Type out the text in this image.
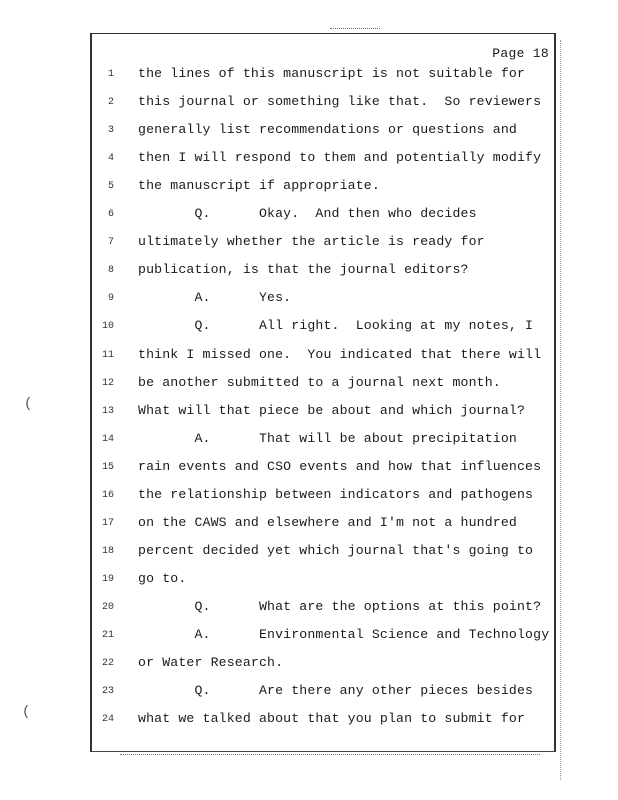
(
(
Page 18
1 the lines of this manuscript is not suitable for
2 this journal or something like that.  So reviewers
3 generally list recommendations or questions and
4 then I will respond to them and potentially modify
5 the manuscript if appropriate.
6 Q.      Okay.  And then who decides
7 ultimately whether the article is ready for
8 publication, is that the journal editors?
9 A.      Yes.
10 Q.      All right.  Looking at my notes, I
11 think I missed one.  You indicated that there will
12 be another submitted to a journal next month.
13 What will that piece be about and which journal?
14 A.      That will be about precipitation
15 rain events and CSO events and how that influences
16 the relationship between indicators and pathogens
17 on the CAWS and elsewhere and I'm not a hundred
18 percent decided yet which journal that's going to
19 go to.
20 Q.      What are the options at this point?
21 A.      Environmental Science and Technology
22 or Water Research.
23 Q.      Are there any other pieces besides
24 what we talked about that you plan to submit for
